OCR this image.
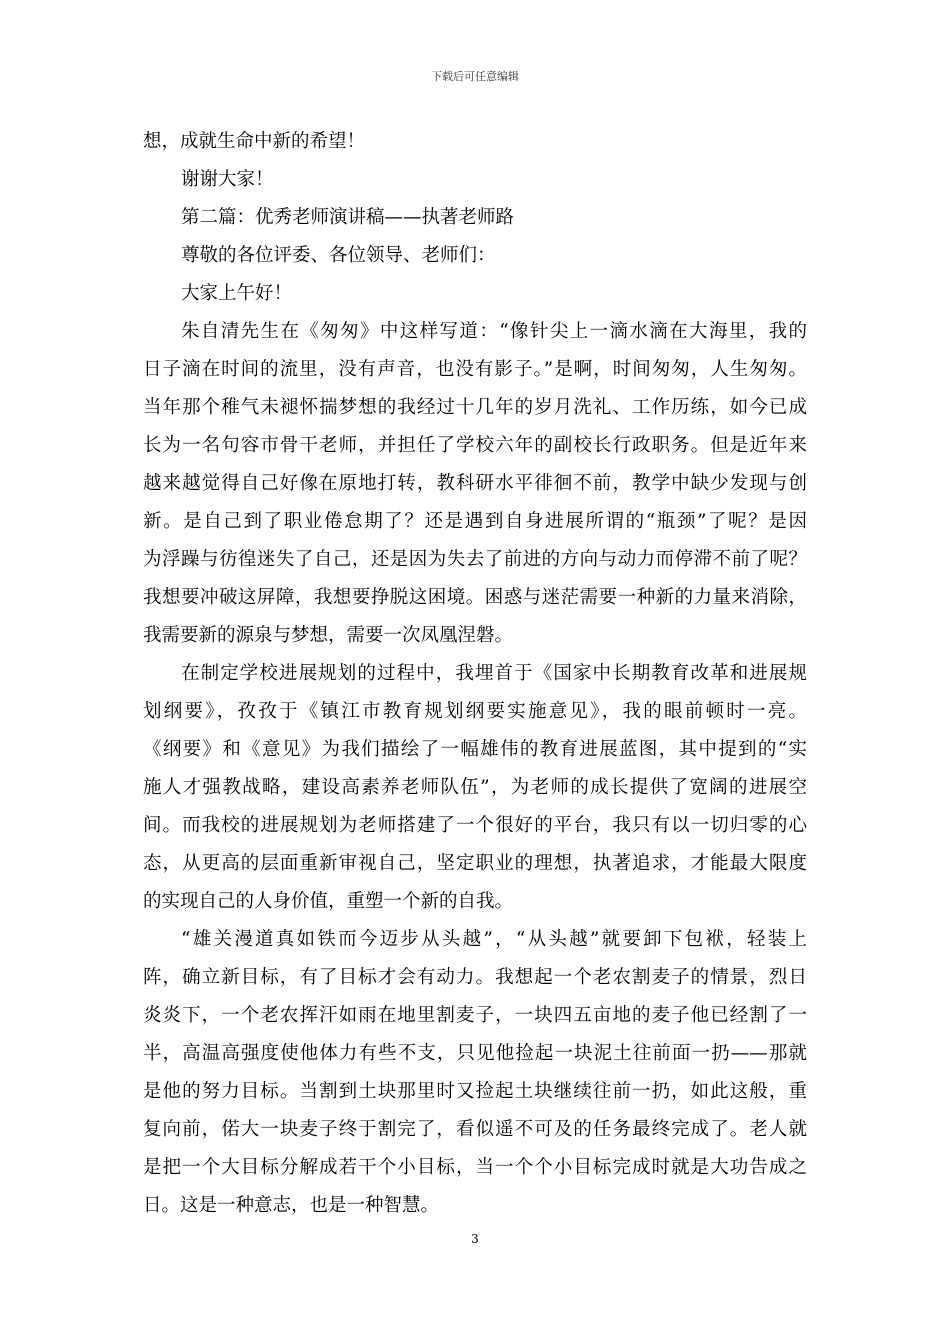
下载后可任意编辑
想，成就生命中新的希望！
谢谢大家！
第二篇：优秀老师演讲稿——执著老师路
尊敬的各位评委、各位领导、老师们：
大家上午好！
朱自清先生在《匆匆》中这样写道：“像针尖上一滴水滴在大海里，我的
日子滴在时间的流里，没有声音，也没有影子。”是啊，时间匆匆，人生匆匆。
当年那个稚气未褪怀揣梦想的我经过十几年的岁月洗礼、工作历练，如今已成
长为一名句容市骨干老师，并担任了学校六年的副校长行政职务。但是近年来
越来越觉得自己好像在原地打转，教科研水平徘徊不前，教学中缺少发现与创
新。是自己到了职业倦怠期了？还是遇到自身进展所谓的“瓶颈”了呢？是因
为浮躁与彷徨迷失了自己，还是因为失去了前进的方向与动力而停滞不前了呢？
我想要冲破这屏障，我想要挣脱这困境。困惑与迷茫需要一种新的力量来消除，
我需要新的源泉与梦想，需要一次凤凰涅磐。
在制定学校进展规划的过程中，我埋首于《国家中长期教育改革和进展规
划纲要》，孜孜于《镇江市教育规划纲要实施意见》，我的眼前顿时一亮。
《纲要》和《意见》为我们描绘了一幅雄伟的教育进展蓝图，其中提到的“实
施人才强教战略，建设高素养老师队伍”，为老师的成长提供了宽阔的进展空
间。而我校的进展规划为老师搭建了一个很好的平台，我只有以一切归零的心
态，从更高的层面重新审视自己，坚定职业的理想，执著追求，才能最大限度
的实现自己的人身价值，重塑一个新的自我。
“雄关漫道真如铁而今迈步从头越”，“从头越”就要卸下包袱，轻装上
阵，确立新目标，有了目标才会有动力。我想起一个老农割麦子的情景，烈日
炎炎下，一个老农挥汗如雨在地里割麦子，一块四五亩地的麦子他已经割了一
半，高温高强度使他体力有些不支，只见他捡起一块泥土往前面一扔——那就
是他的努力目标。当割到土块那里时又捡起土块继续往前一扔，如此这般，重
复向前，偌大一块麦子终于割完了，看似遥不可及的任务最终完成了。老人就
是把一个大目标分解成若干个小目标，当一个个小目标完成时就是大功告成之
日。这是一种意志，也是一种智慧。
3
